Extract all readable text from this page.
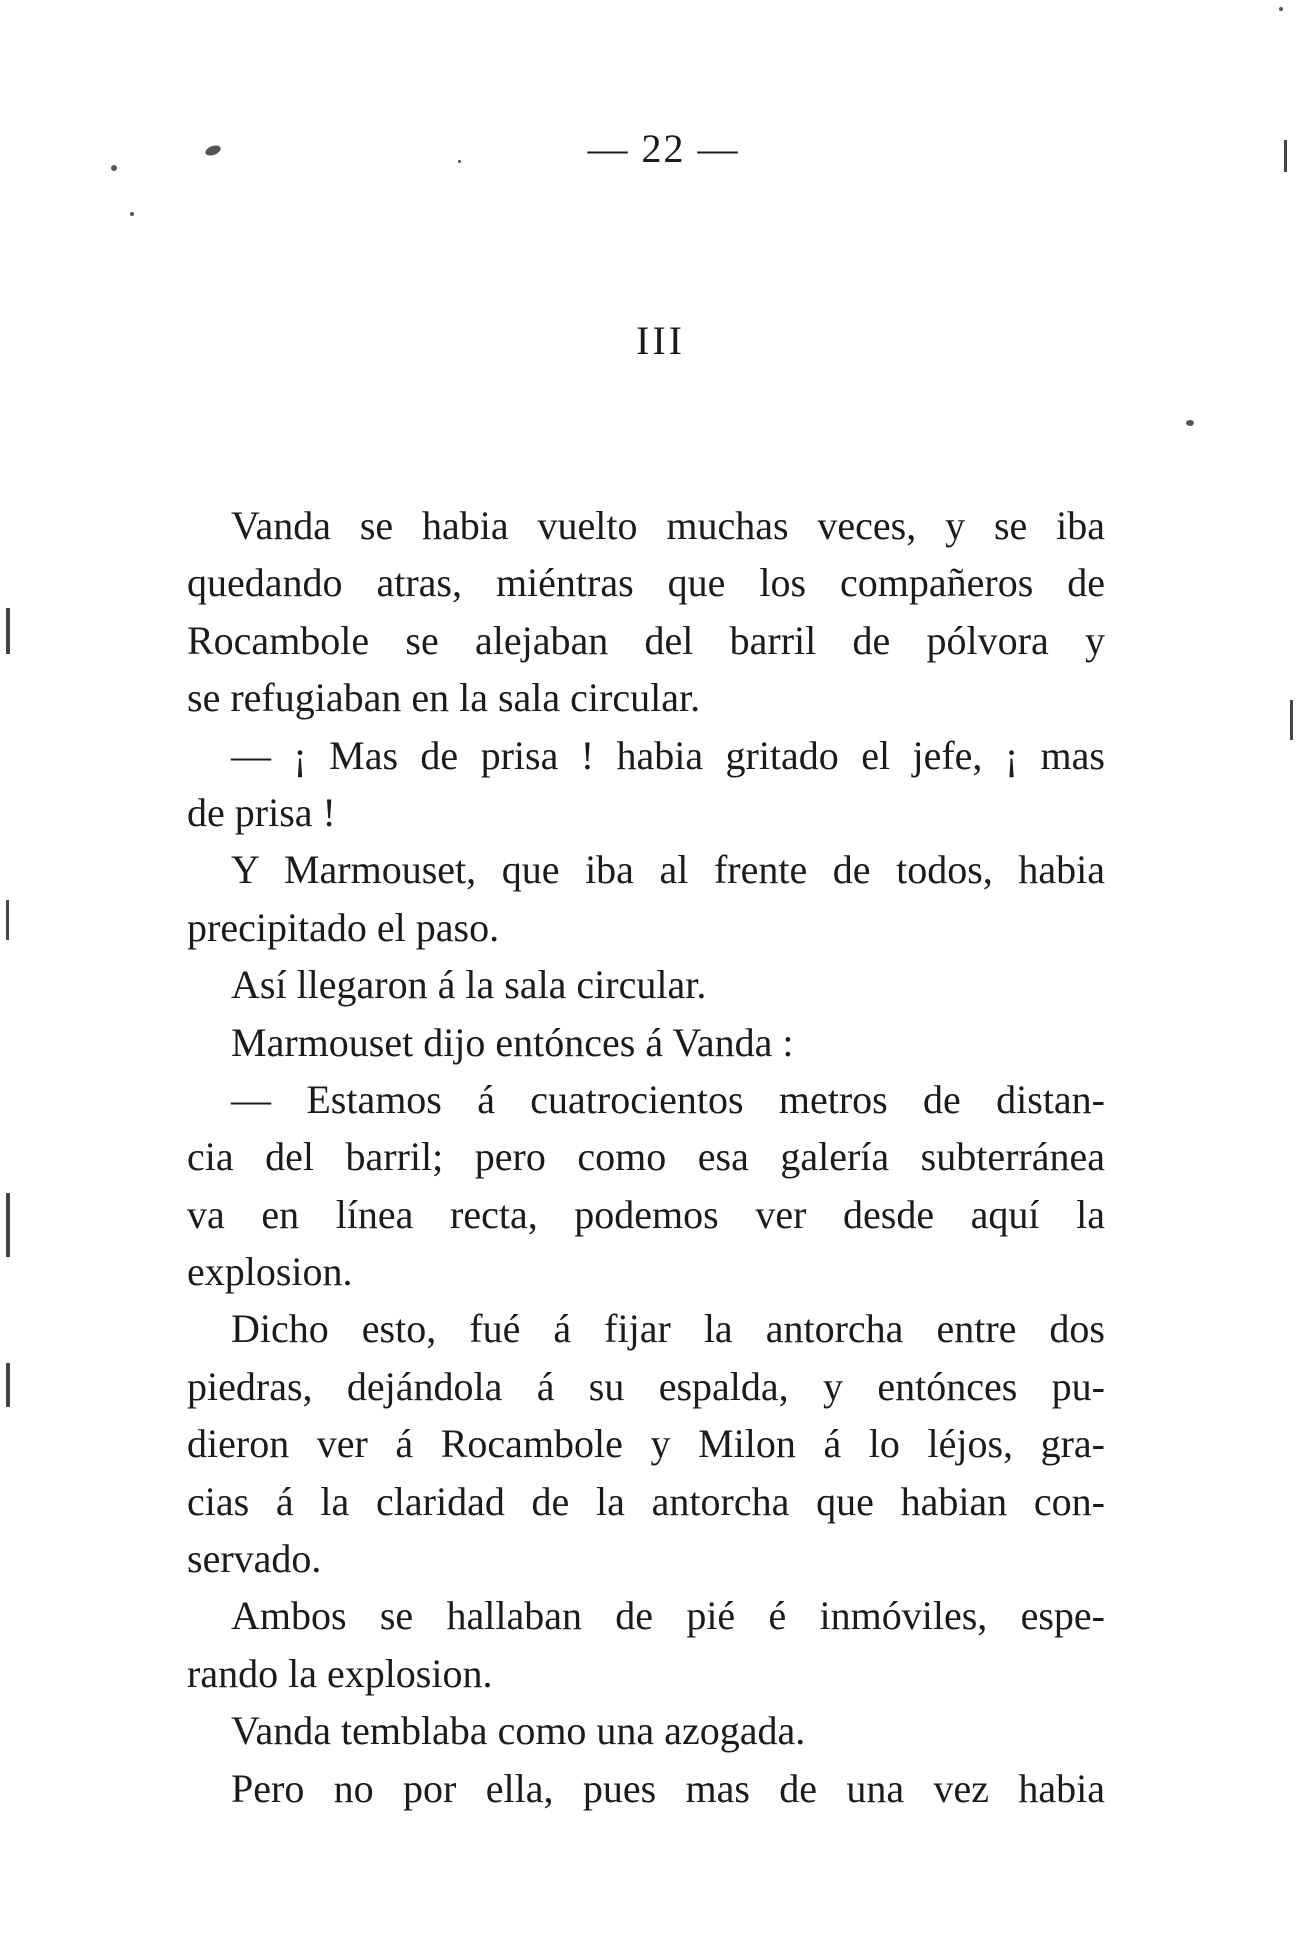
— 22 —
III
Vanda se habia vuelto muchas veces, y se iba
quedando atras, miéntras que los compañeros de
Rocambole se alejaban del barril de pólvora y
se refugiaban en la sala circular.
— ¡ Mas de prisa ! habia gritado el jefe, ¡ mas
de prisa !
Y Marmouset, que iba al frente de todos, habia
precipitado el paso.
Así llegaron á la sala circular.
Marmouset dijo entónces á Vanda :
— Estamos á cuatrocientos metros de distan-
cia del barril; pero como esa galería subterránea
va en línea recta, podemos ver desde aquí la
explosion.
Dicho esto, fué á fijar la antorcha entre dos
piedras, dejándola á su espalda, y entónces pu-
dieron ver á Rocambole y Milon á lo léjos, gra-
cias á la claridad de la antorcha que habian con-
servado.
Ambos se hallaban de pié é inmóviles, espe-
rando la explosion.
Vanda temblaba como una azogada.
Pero no por ella, pues mas de una vez habia
